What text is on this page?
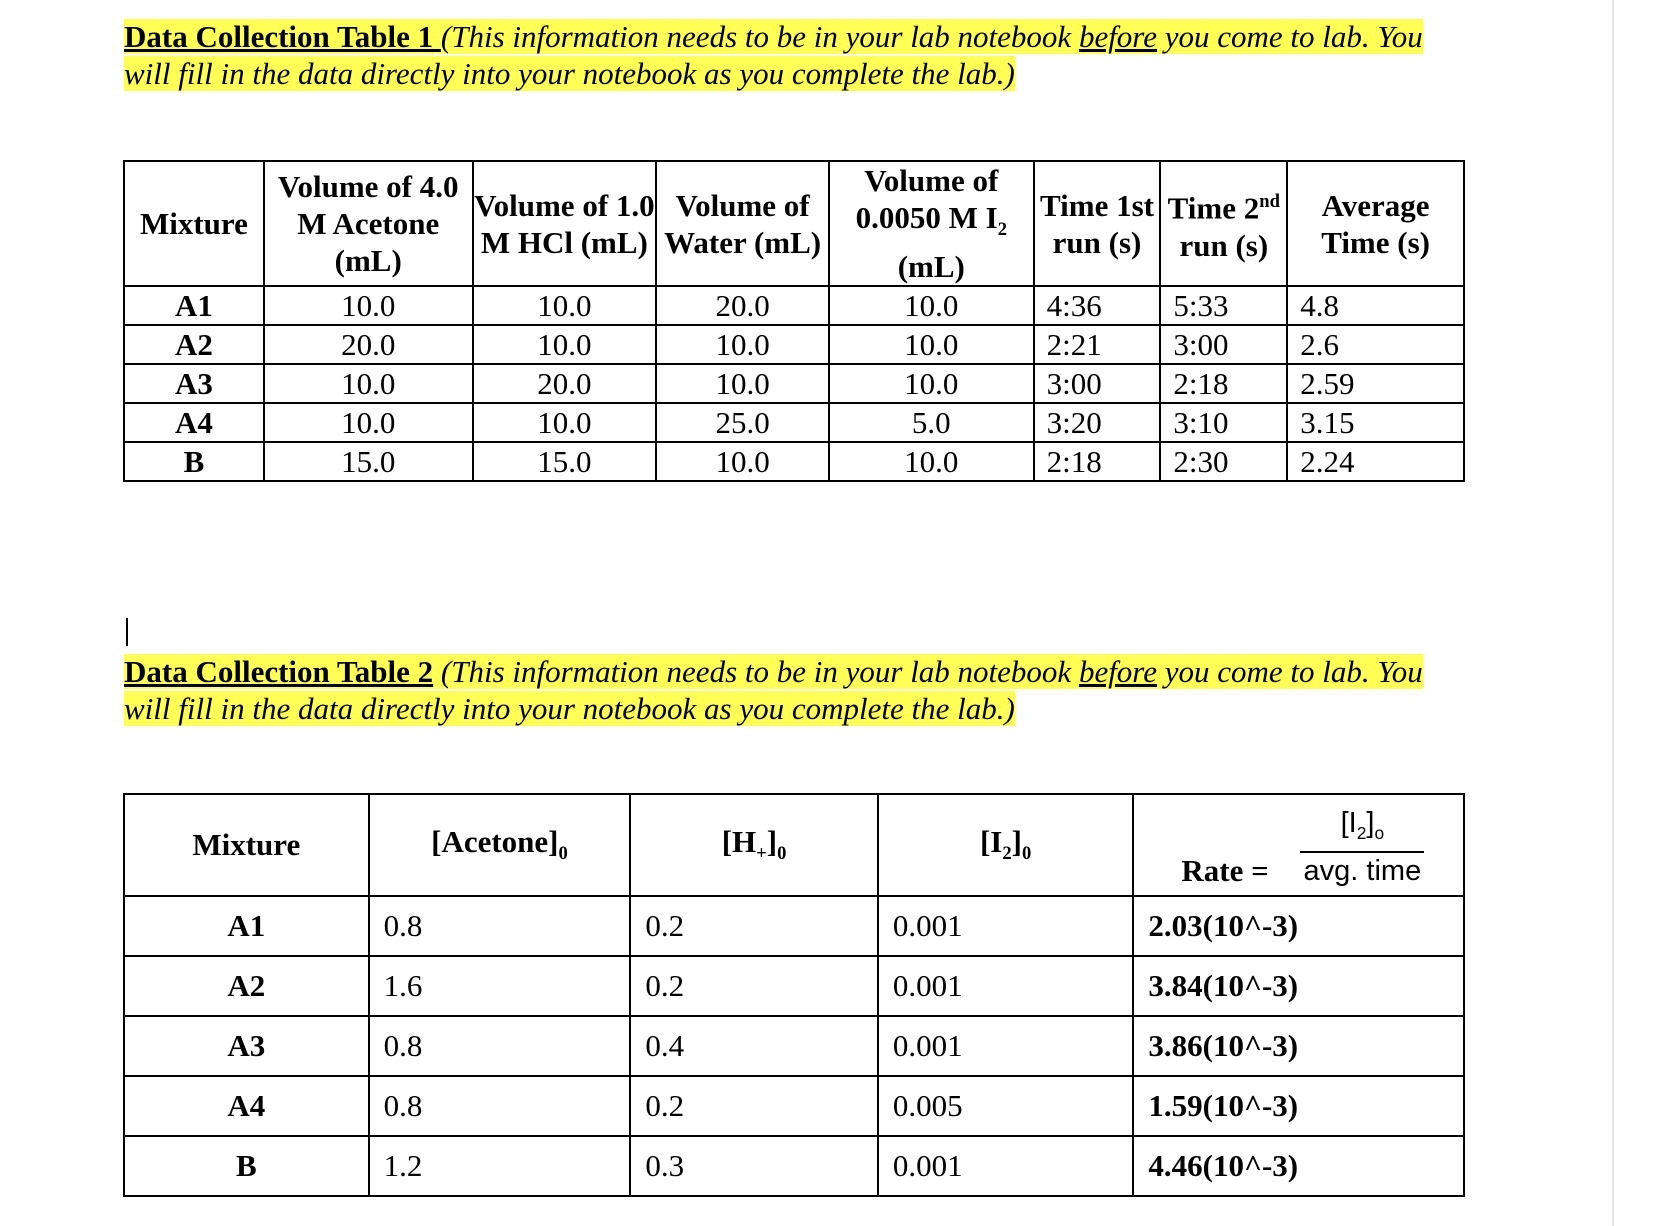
Data Collection Table 1 (This information needs to be in your lab notebook before you come to lab. You will fill in the data directly into your notebook as you complete the lab.)
Mixture	Volume of 4.0 M Acetone (mL)	Volume of 1.0 M HCl (mL)	Volume of Water (mL)	Volume of 0.0050 M $I_2$ (mL)	Time 1st run (s)	Time 2nd run (s)	Average Time (s)
A1	10.0	10.0	20.0	10.0	4:36	5:33	4.8
A2	20.0	10.0	10.0	10.0	2:21	3:00	2.6
A3	10.0	20.0	10.0	10.0	3:00	2:18	2.59
A4	10.0	10.0	25.0	5.0	3:20	3:10	3.15
B	15.0	15.0	10.0	10.0	2:18	2:30	2.24
Data Collection Table 2 (This information needs to be in your lab notebook before you come to lab. You will fill in the data directly into your notebook as you complete the lab.)
Mixture	$[Acetone]_0$	$[H_+]_0$	$[I_2]_0$	Rate =
$[I_2]_o$
avg. time

A1	0.8	0.2	0.001	2.03(10^-3)
A2	1.6	0.2	0.001	3.84(10^-3)
A3	0.8	0.4	0.001	3.86(10^-3)
A4	0.8	0.2	0.005	1.59(10^-3)
B	1.2	0.3	0.001	4.46(10^-3)
